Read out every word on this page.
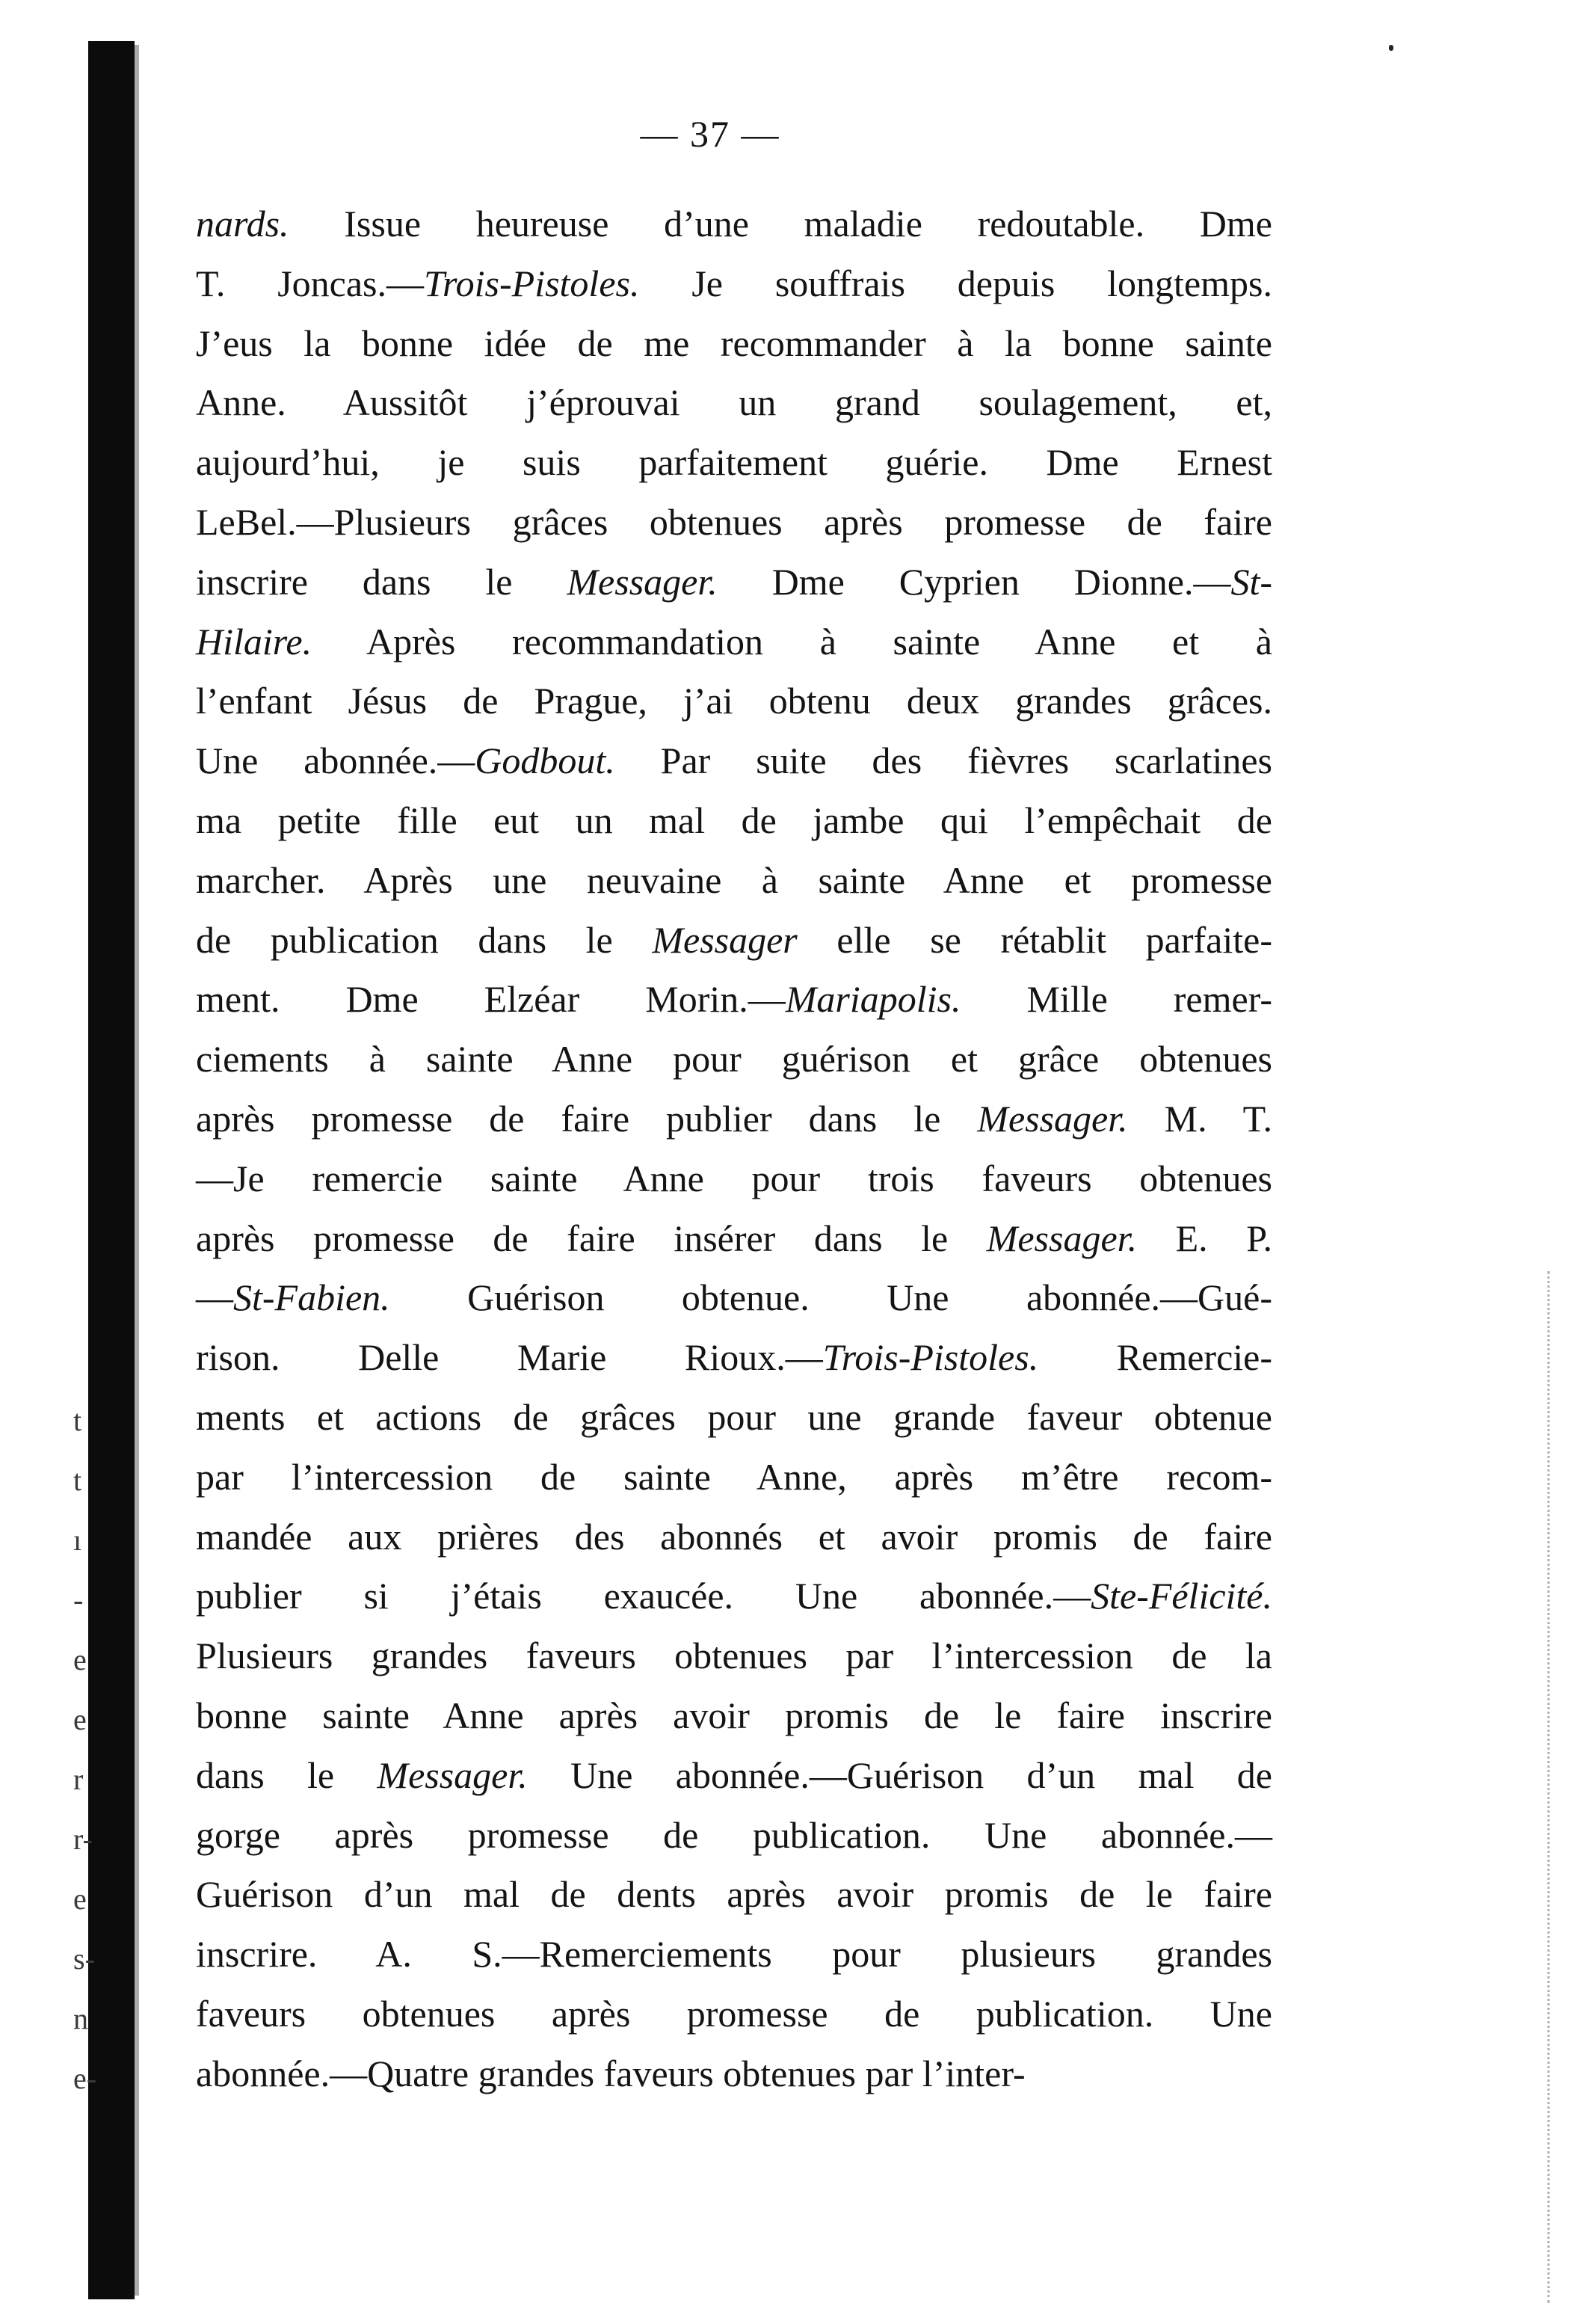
t
t
ı
-
e
e
r
r-
e
s-
n
e-
— 37 —
nards. Issue heureuse d’une maladie redoutable. Dme
T. Joncas.—Trois-Pistoles. Je souffrais depuis longtemps.
J’eus la bonne idée de me recommander à la bonne sainte
Anne. Aussitôt j’éprouvai un grand soulagement, et,
aujourd’hui, je suis parfaitement guérie. Dme Ernest
LeBel.—Plusieurs grâces obtenues après promesse de faire
inscrire dans le Messager. Dme Cyprien Dionne.—St-
Hilaire. Après recommandation à sainte Anne et à
l’enfant Jésus de Prague, j’ai obtenu deux grandes grâces.
Une abonnée.—Godbout. Par suite des fièvres scarlatines
ma petite fille eut un mal de jambe qui l’empêchait de
marcher. Après une neuvaine à sainte Anne et promesse
de publication dans le Messager elle se rétablit parfaite-
ment. Dme Elzéar Morin.—Mariapolis. Mille remer-
ciements à sainte Anne pour guérison et grâce obtenues
après promesse de faire publier dans le Messager. M. T.
—Je remercie sainte Anne pour trois faveurs obtenues
après promesse de faire insérer dans le Messager. E. P.
—St-Fabien. Guérison obtenue. Une abonnée.—Gué-
rison. Delle Marie Rioux.—Trois-Pistoles. Remercie-
ments et actions de grâces pour une grande faveur obtenue
par l’intercession de sainte Anne, après m’être recom-
mandée aux prières des abonnés et avoir promis de faire
publier si j’étais exaucée. Une abonnée.—Ste-Félicité.
Plusieurs grandes faveurs obtenues par l’intercession de la
bonne sainte Anne après avoir promis de le faire inscrire
dans le Messager. Une abonnée.—Guérison d’un mal de
gorge après promesse de publication. Une abonnée.—
Guérison d’un mal de dents après avoir promis de le faire
inscrire. A. S.—Remerciements pour plusieurs grandes
faveurs obtenues après promesse de publication. Une
abonnée.—Quatre grandes faveurs obtenues par l’inter-
